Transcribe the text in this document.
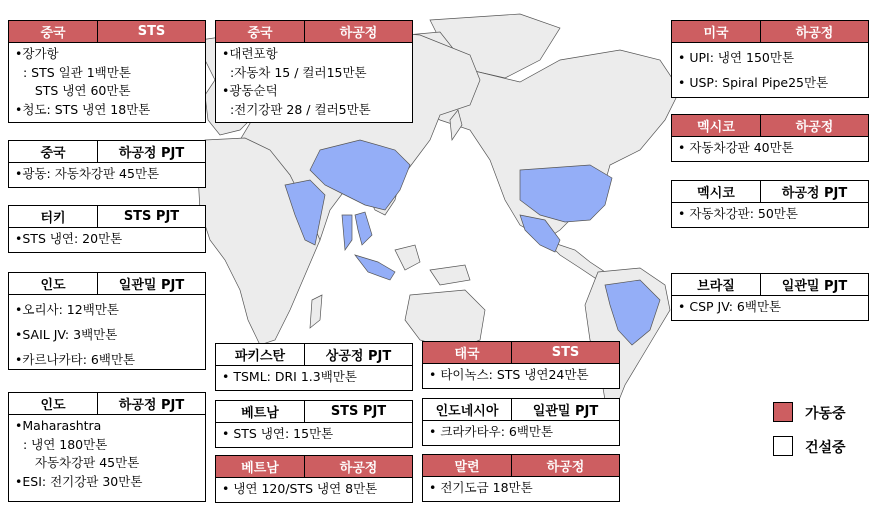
중국	STS
•장가항
: STS 일관 1백만톤
STS 냉연 60만톤
•청도: STS 냉연 18만톤
중국	하공정
•대련포항
:자동차 15 / 컬러15만톤
•광동순덕
:전기강판 28 / 컬러5만톤
중국	하공정 PJT
•광동: 자동차강판 45만톤
터키	STS PJT
•STS 냉연: 20만톤
인도	일관밀 PJT
•오리사: 12백만톤
•SAIL JV: 3백만톤
•카르나카타: 6백만톤
인도	하공정 PJT
•Maharashtra
: 냉연 180만톤
자동차강판 45만톤
•ESI: 전기강판 30만톤
파키스탄	상공정 PJT
• TSML: DRI 1.3백만톤
베트남	STS PJT
• STS 냉연: 15만톤
베트남	하공정
• 냉연 120/STS 냉연 8만톤
태국	STS
• 타이녹스: STS 냉연24만톤
인도네시아	일관밀 PJT
• 크라카타우: 6백만톤
말련	하공정
• 전기도금 18만톤
미국	하공정
• UPI: 냉연 150만톤
• USP: Spiral Pipe25만톤
멕시코	하공정
• 자동차강판 40만톤
멕시코	하공정 PJT
• 자동차강판: 50만톤
브라질	일관밀 PJT
• CSP JV: 6백만톤
가동중
건설중
